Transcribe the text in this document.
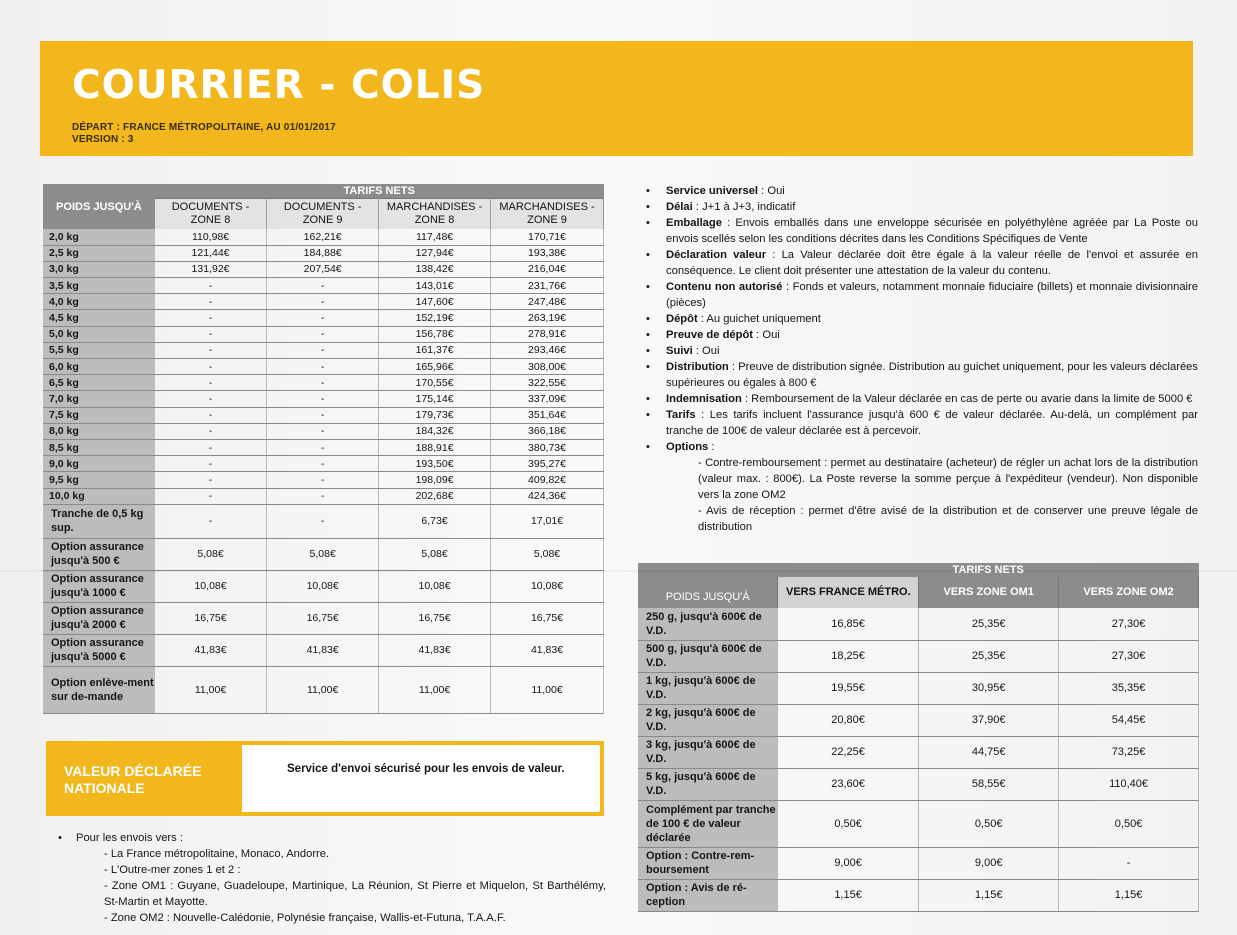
COURRIER - COLIS
DÉPART : FRANCE MÉTROPOLITAINE, AU 01/01/2017
VERSION : 3
POIDS JUSQU'À	TARIFS NETS			
	DOCUMENTS - ZONE 8	DOCUMENTS - ZONE 9	MARCHANDISES - ZONE 8	MARCHANDISES - ZONE 9
2,0 kg	110,98€	162,21€	117,48€	170,71€
2,5 kg	121,44€	184,88€	127,94€	193,38€
3,0 kg	131,92€	207,54€	138,42€	216,04€
3,5 kg	-	-	143,01€	231,76€
4,0 kg	-	-	147,60€	247,48€
4,5 kg	-	-	152,19€	263,19€
5,0 kg	-	-	156,78€	278,91€
5,5 kg	-	-	161,37€	293,46€
6,0 kg	-	-	165,96€	308,00€
6,5 kg	-	-	170,55€	322,55€
7,0 kg	-	-	175,14€	337,09€
7,5 kg	-	-	179,73€	351,64€
8,0 kg	-	-	184,32€	366,18€
8,5 kg	-	-	188,91€	380,73€
9,0 kg	-	-	193,50€	395,27€
9,5 kg	-	-	198,09€	409,82€
10,0 kg	-	-	202,68€	424,36€
Tranche de 0,5 kg sup.	-	-	6,73€	17,01€
Option assurance jusqu'à 500 €	5,08€	5,08€	5,08€	5,08€
Option assurance jusqu'à 1000 €	10,08€	10,08€	10,08€	10,08€
Option assurance jusqu'à 2000 €	16,75€	16,75€	16,75€	16,75€
Option assurance jusqu'à 5000 €	41,83€	41,83€	41,83€	41,83€
Option enlève-ment sur de-mande	11,00€	11,00€	11,00€	11,00€
VALEUR DÉCLARÉE
NATIONALE
Service d'envoi sécurisé pour les envois de valeur.
• Pour les envois vers :
- La France métropolitaine, Monaco, Andorre.
- L'Outre-mer zones 1 et 2 :
- Zone OM1 : Guyane, Guadeloupe, Martinique, La Réunion, St Pierre et Miquelon, St Barthélémy, St-Martin et Mayotte.
- Zone OM2 : Nouvelle-Calédonie, Polynésie française, Wallis-et-Futuna, T.A.A.F.
• Service universel : Oui
• Délai : J+1 à J+3, indicatif
• Emballage : Envois emballés dans une enveloppe sécurisée en polyéthylène agréée par La Poste ou envois scellés selon les conditions décrites dans les Conditions Spécifiques de Vente
• Déclaration valeur : La Valeur déclarée doit être égale à la valeur réelle de l'envoi et assurée en conséquence. Le client doit présenter une attestation de la valeur du contenu.
• Contenu non autorisé : Fonds et valeurs, notamment monnaie fiduciaire (billets) et monnaie divisionnaire (pièces)
• Dépôt : Au guichet uniquement
• Preuve de dépôt : Oui
• Suivi : Oui
• Distribution : Preuve de distribution signée. Distribution au guichet uniquement, pour les valeurs déclarées supérieures ou égales à 800 €
• Indemnisation : Remboursement de la Valeur déclarée en cas de perte ou avarie dans la limite de 5000 €
• Tarifs : Les tarifs incluent l'assurance jusqu'à 600 € de valeur déclarée. Au-delà, un complément par tranche de 100€ de valeur déclarée est à percevoir.
• Options :
- Contre-remboursement : permet au destinataire (acheteur) de régler un achat lors de la distribution (valeur max. : 800€). La Poste reverse la somme perçue à l'expéditeur (vendeur). Non disponible vers la zone OM2
- Avis de réception : permet d'être avisé de la distribution et de conserver une preuve légale de distribution
POIDS JUSQU'À	TARIFS NETS		
	VERS FRANCE MÉTRO.	VERS ZONE OM1	VERS ZONE OM2
250 g, jusqu'à 600€ de V.D.	16,85€	25,35€	27,30€
500 g, jusqu'à 600€ de V.D.	18,25€	25,35€	27,30€
1 kg, jusqu'à 600€ de V.D.	19,55€	30,95€	35,35€
2 kg, jusqu'à 600€ de V.D.	20,80€	37,90€	54,45€
3 kg, jusqu'à 600€ de V.D.	22,25€	44,75€	73,25€
5 kg, jusqu'à 600€ de V.D.	23,60€	58,55€	110,40€
Complément par tranche de 100 € de valeur déclarée	0,50€	0,50€	0,50€
Option : Contre-rem-boursement	9,00€	9,00€	-
Option : Avis de ré-ception	1,15€	1,15€	1,15€
